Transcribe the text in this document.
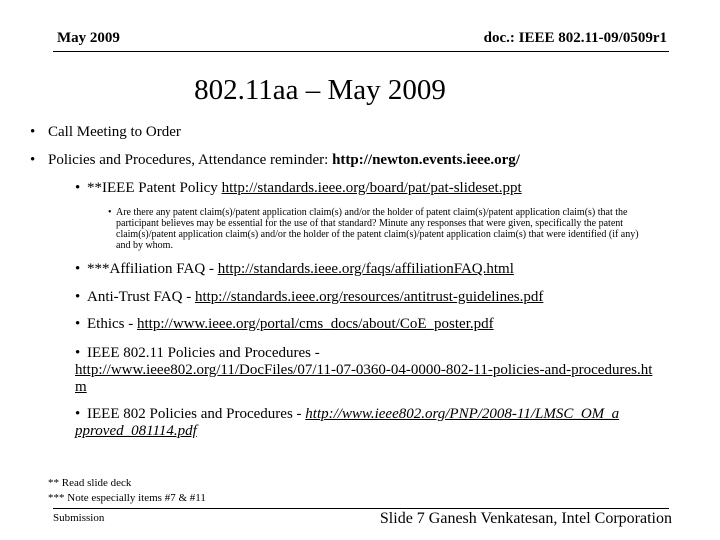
May 2009	doc.: IEEE 802.11-09/0509r1
802.11aa – May 2009
• Call Meeting to Order
• Policies and Procedures, Attendance reminder: http://newton.events.ieee.org/
• **IEEE Patent Policy http://standards.ieee.org/board/pat/pat-slideset.ppt
• Are there any patent claim(s)/patent application claim(s) and/or the holder of patent claim(s)/patent application claim(s) that the participant believes may be essential for the use of that standard? Minute any responses that were given, specifically the patent claim(s)/patent application claim(s) and/or the holder of the patent claim(s)/patent application claim(s) that were identified (if any) and by whom.
• ***Affiliation FAQ - http://standards.ieee.org/faqs/affiliationFAQ.html
• Anti-Trust FAQ - http://standards.ieee.org/resources/antitrust-guidelines.pdf
• Ethics - http://www.ieee.org/portal/cms_docs/about/CoE_poster.pdf
• IEEE 802.11 Policies and Procedures -
http://www.ieee802.org/11/DocFiles/07/11-07-0360-04-0000-802-11-policies-and-procedures.htm
• IEEE 802 Policies and Procedures - http://www.ieee802.org/PNP/2008-11/LMSC_OM_approved_081114.pdf
** Read slide deck
*** Note especially items #7 & #11
Submission	Slide 7 Ganesh Venkatesan, Intel Corporation
